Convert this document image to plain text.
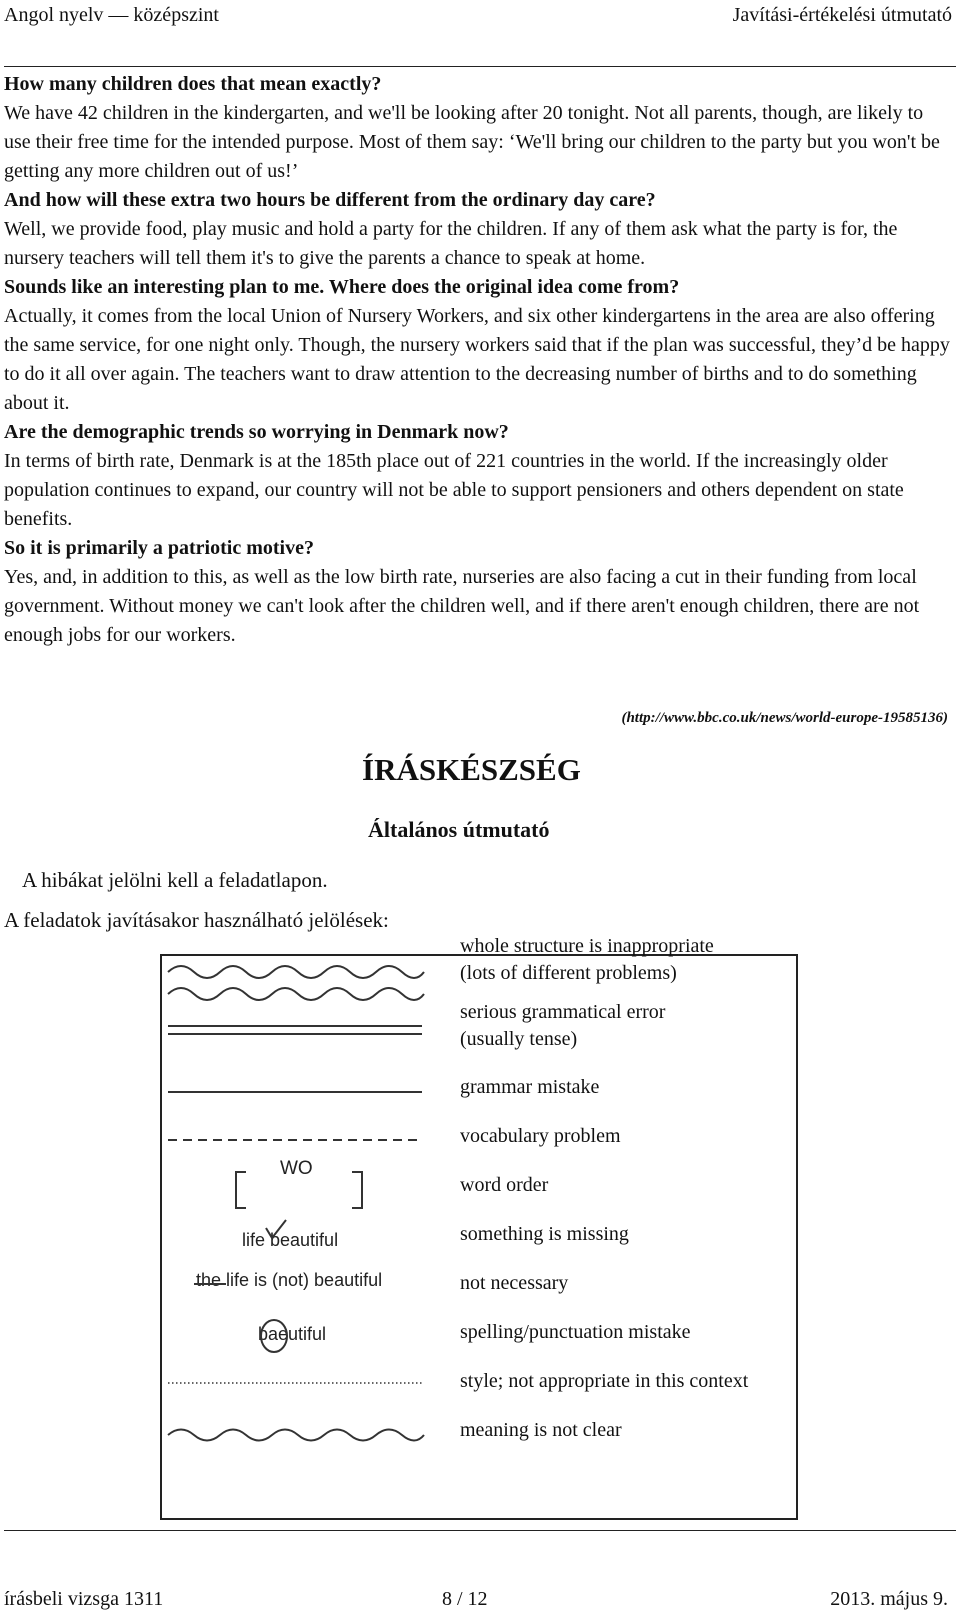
Angol nyelv — középszint	Javítási-értékelési útmutató

How many children does that mean exactly?

We have 42 children in the kindergarten, and we'll be looking after 20 tonight. Not all parents, though, are likely to use their free time for the intended purpose. Most of them say: ‘We'll bring our children to the party but you won't be getting any more children out of us!’

And how will these extra two hours be different from the ordinary day care?

Well, we provide food, play music and hold a party for the children. If any of them ask what the party is for, the nursery teachers will tell them it's to give the parents a chance to speak at home.

Sounds like an interesting plan to me. Where does the original idea come from?

Actually, it comes from the local Union of Nursery Workers, and six other kindergartens in the area are also offering the same service, for one night only. Though, the nursery workers said that if the plan was successful, they’d be happy to do it all over again. The teachers want to draw attention to the decreasing number of births and to do something about it.

Are the demographic trends so worrying in Denmark now?

In terms of birth rate, Denmark is at the 185th place out of 221 countries in the world. If the increasingly older population continues to expand, our country will not be able to support pensioners and others dependent on state benefits.

So it is primarily a patriotic motive?

Yes, and, in addition to this, as well as the low birth rate, nurseries are also facing a cut in their funding from local government. Without money we can't look after the children well, and if there aren't enough children, there are not enough jobs for our workers.

(http://www.bbc.co.uk/news/world-europe-19585136)
ÍRÁSKÉSZSÉG
Általános útmutató
A hibákat jelölni kell a feladatlapon.
A feladatok javításakor használható jelölések:
whole structure is inappropriate
(lots of different problems)
serious grammatical error
(usually tense)
grammar mistake
vocabulary problem
WO
word order
life beautiful	something is missing
the life is (not) beautiful	not necessary
baeutiful	spelling/punctuation mistake
style; not appropriate in this context
meaning is not clear
írásbeli vizsga 1311	8 / 12	2013. május 9.
